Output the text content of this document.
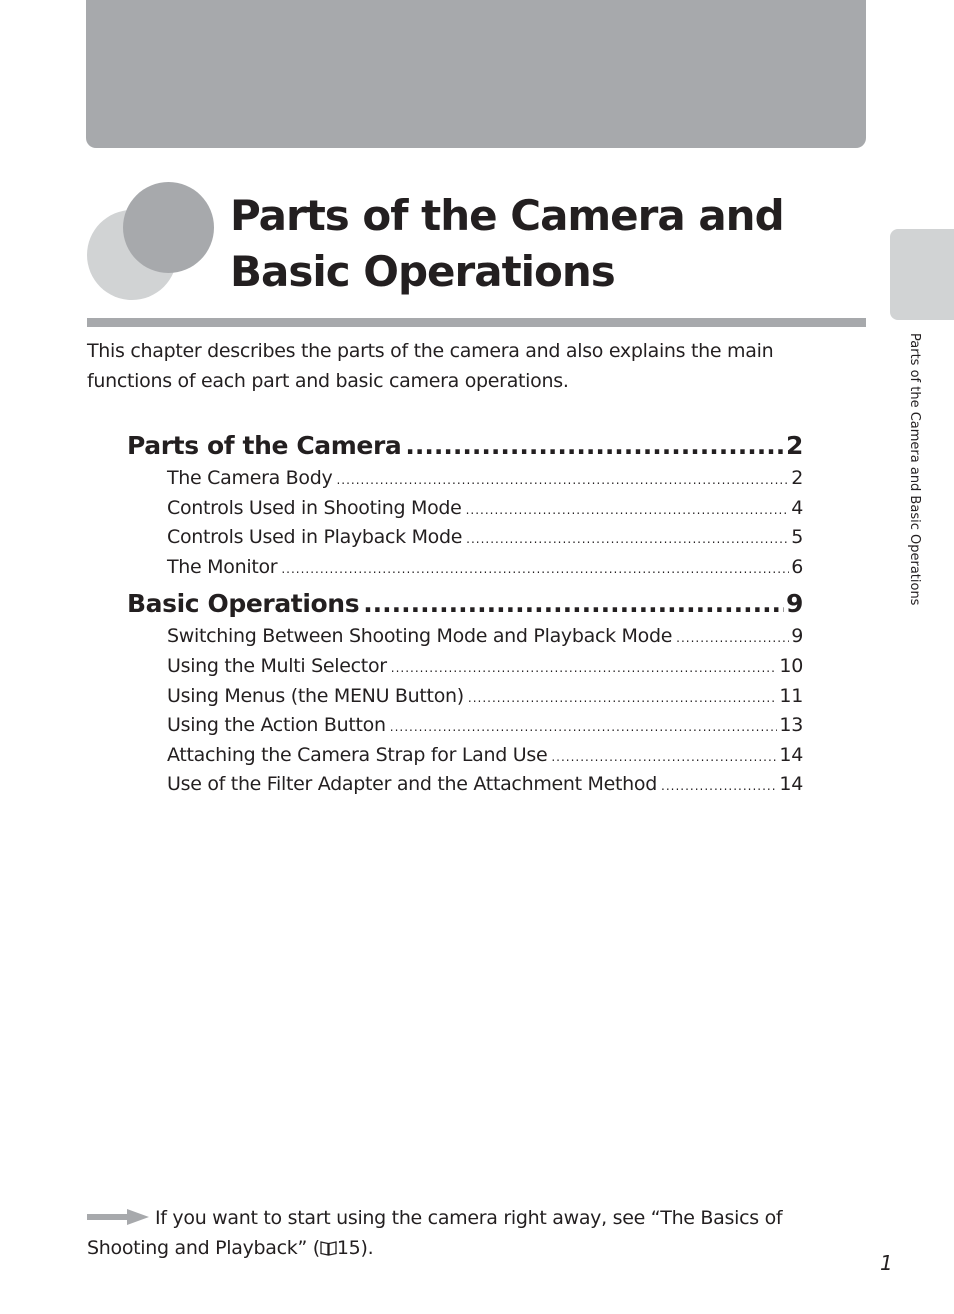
Parts of the Camera and
Basic Operations
Parts of the Camera and Basic Operations

This chapter describes the parts of the camera and also explains the main functions of each part and basic camera operations.

Parts of the Camera .....	2
The Camera Body .....	2
Controls Used in Shooting Mode .....	4
Controls Used in Playback Mode .....	5
The Monitor .....	6
Basic Operations .....	9
Switching Between Shooting Mode and Playback Mode .....	9
Using the Multi Selector .....	10
Using Menus (the MENU Button) .....	11
Using the Action Button .....	13
Attaching the Camera Strap for Land Use .....	14
Use of the Filter Adapter and the Attachment Method .....	14

If you want to start using the camera right away, see “The Basics of Shooting and Playback” ( 15).

1
